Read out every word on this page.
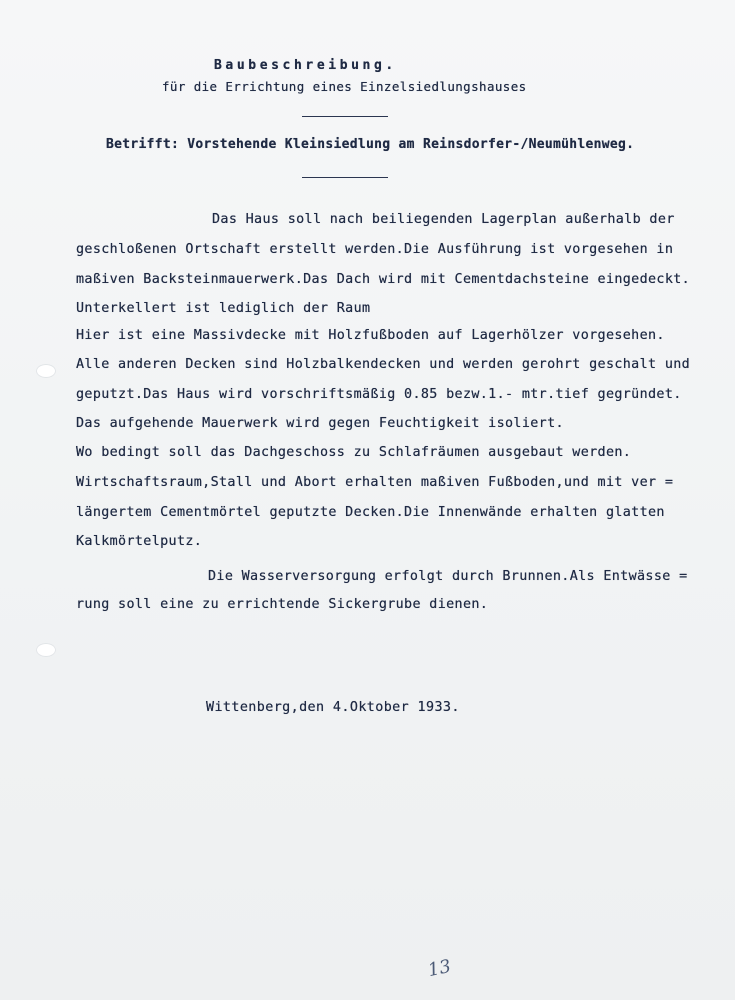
Baubeschreibung.
für die Errichtung eines Einzelsiedlungshauses
Betrifft: Vorstehende Kleinsiedlung am Reinsdorfer-/Neumühlenweg.
Das Haus soll nach beiliegenden Lagerplan außerhalb der
geschloßenen Ortschaft erstellt werden.Die Ausführung ist vorgesehen in
maßiven Backsteinmauerwerk.Das Dach wird mit Cementdachsteine eingedeckt.
Unterkellert ist lediglich der Raum
Hier ist eine Massivdecke mit Holzfußboden auf Lagerhölzer vorgesehen.
Alle anderen Decken sind Holzbalkendecken und werden gerohrt geschalt und
geputzt.Das Haus wird vorschriftsmäßig 0.85 bezw.1.- mtr.tief gegründet.
Das aufgehende Mauerwerk wird gegen Feuchtigkeit isoliert.
Wo bedingt soll das Dachgeschoss zu Schlafräumen ausgebaut werden.
Wirtschaftsraum,Stall und Abort erhalten maßiven Fußboden,und mit ver =
längertem Cementmörtel geputzte Decken.Die Innenwände erhalten glatten
Kalkmörtelputz.
Die Wasserversorgung erfolgt durch Brunnen.Als Entwässe =
rung soll eine zu errichtende Sickergrube dienen.
Wittenberg,den 4.Oktober 1933.
13
